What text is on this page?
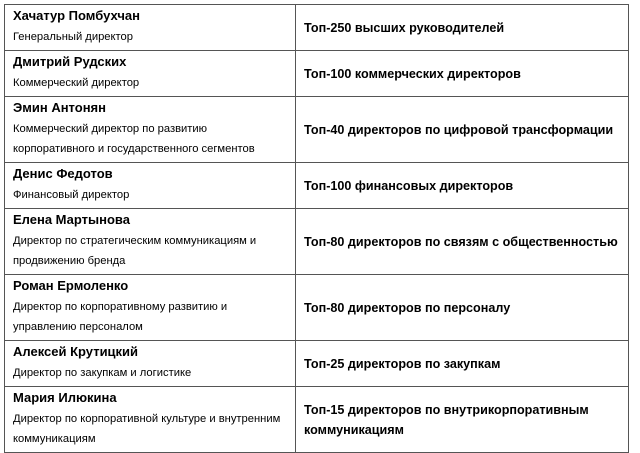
Хачатур Помбухчан
Генеральный директор	Топ-250 высших руководителей

Дмитрий Рудских
Коммерческий директор	Топ-100 коммерческих директоров

Эмин Антонян
Коммерческий директор по развитию корпоративного и государственного сегментов	Топ-40 директоров по цифровой трансформации

Денис Федотов
Финансовый директор	Топ-100 финансовых директоров

Елена Мартынова
Директор по стратегическим коммуникациям и продвижению бренда	Топ-80 директоров по связям с общественностью

Роман Ермоленко
Директор по корпоративному развитию и управлению персоналом	Топ-80 директоров по персоналу

Алексей Крутицкий
Директор по закупкам и логистике	Топ-25 директоров по закупкам

Мария Илюкина
Директор по корпоративной культуре и внутренним коммуникациям	Топ-15 директоров по внутрикорпоративным коммуникациям
